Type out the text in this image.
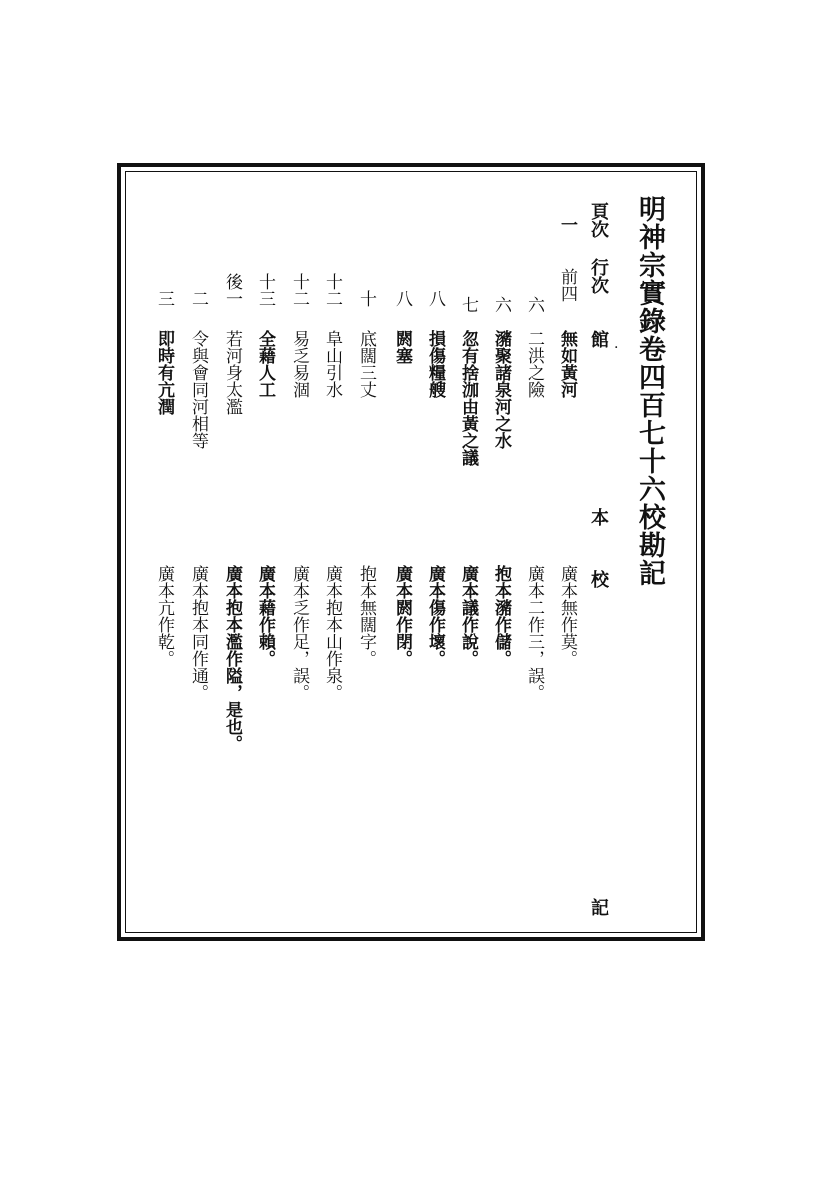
明神宗實錄卷四百七十六校勘記
頁次
行次
館 .
本
校
記
一
前四
無如黃河
廣本無作莫。
六
二洪之險
廣本二作三，誤。
六
瀦聚諸泉河之水
抱本瀦作儲。
七
忽有捨泇由黃之議
廣本議作說。
八
損傷糧艘
廣本傷作壞。
八
閼塞
廣本閼作閉。
十
底闊三丈
抱本無闊字。
十二
阜山引水
廣本抱本山作泉。
十二
易乏易涸
廣本乏作足，誤。
十三
全藉人工
廣本藉作賴。
後一
若河身太濫
廣本抱本濫作隘，是也。
二
令與會同河相等
廣本抱本同作通。
三
即時有亢潤
廣本亢作乾。
